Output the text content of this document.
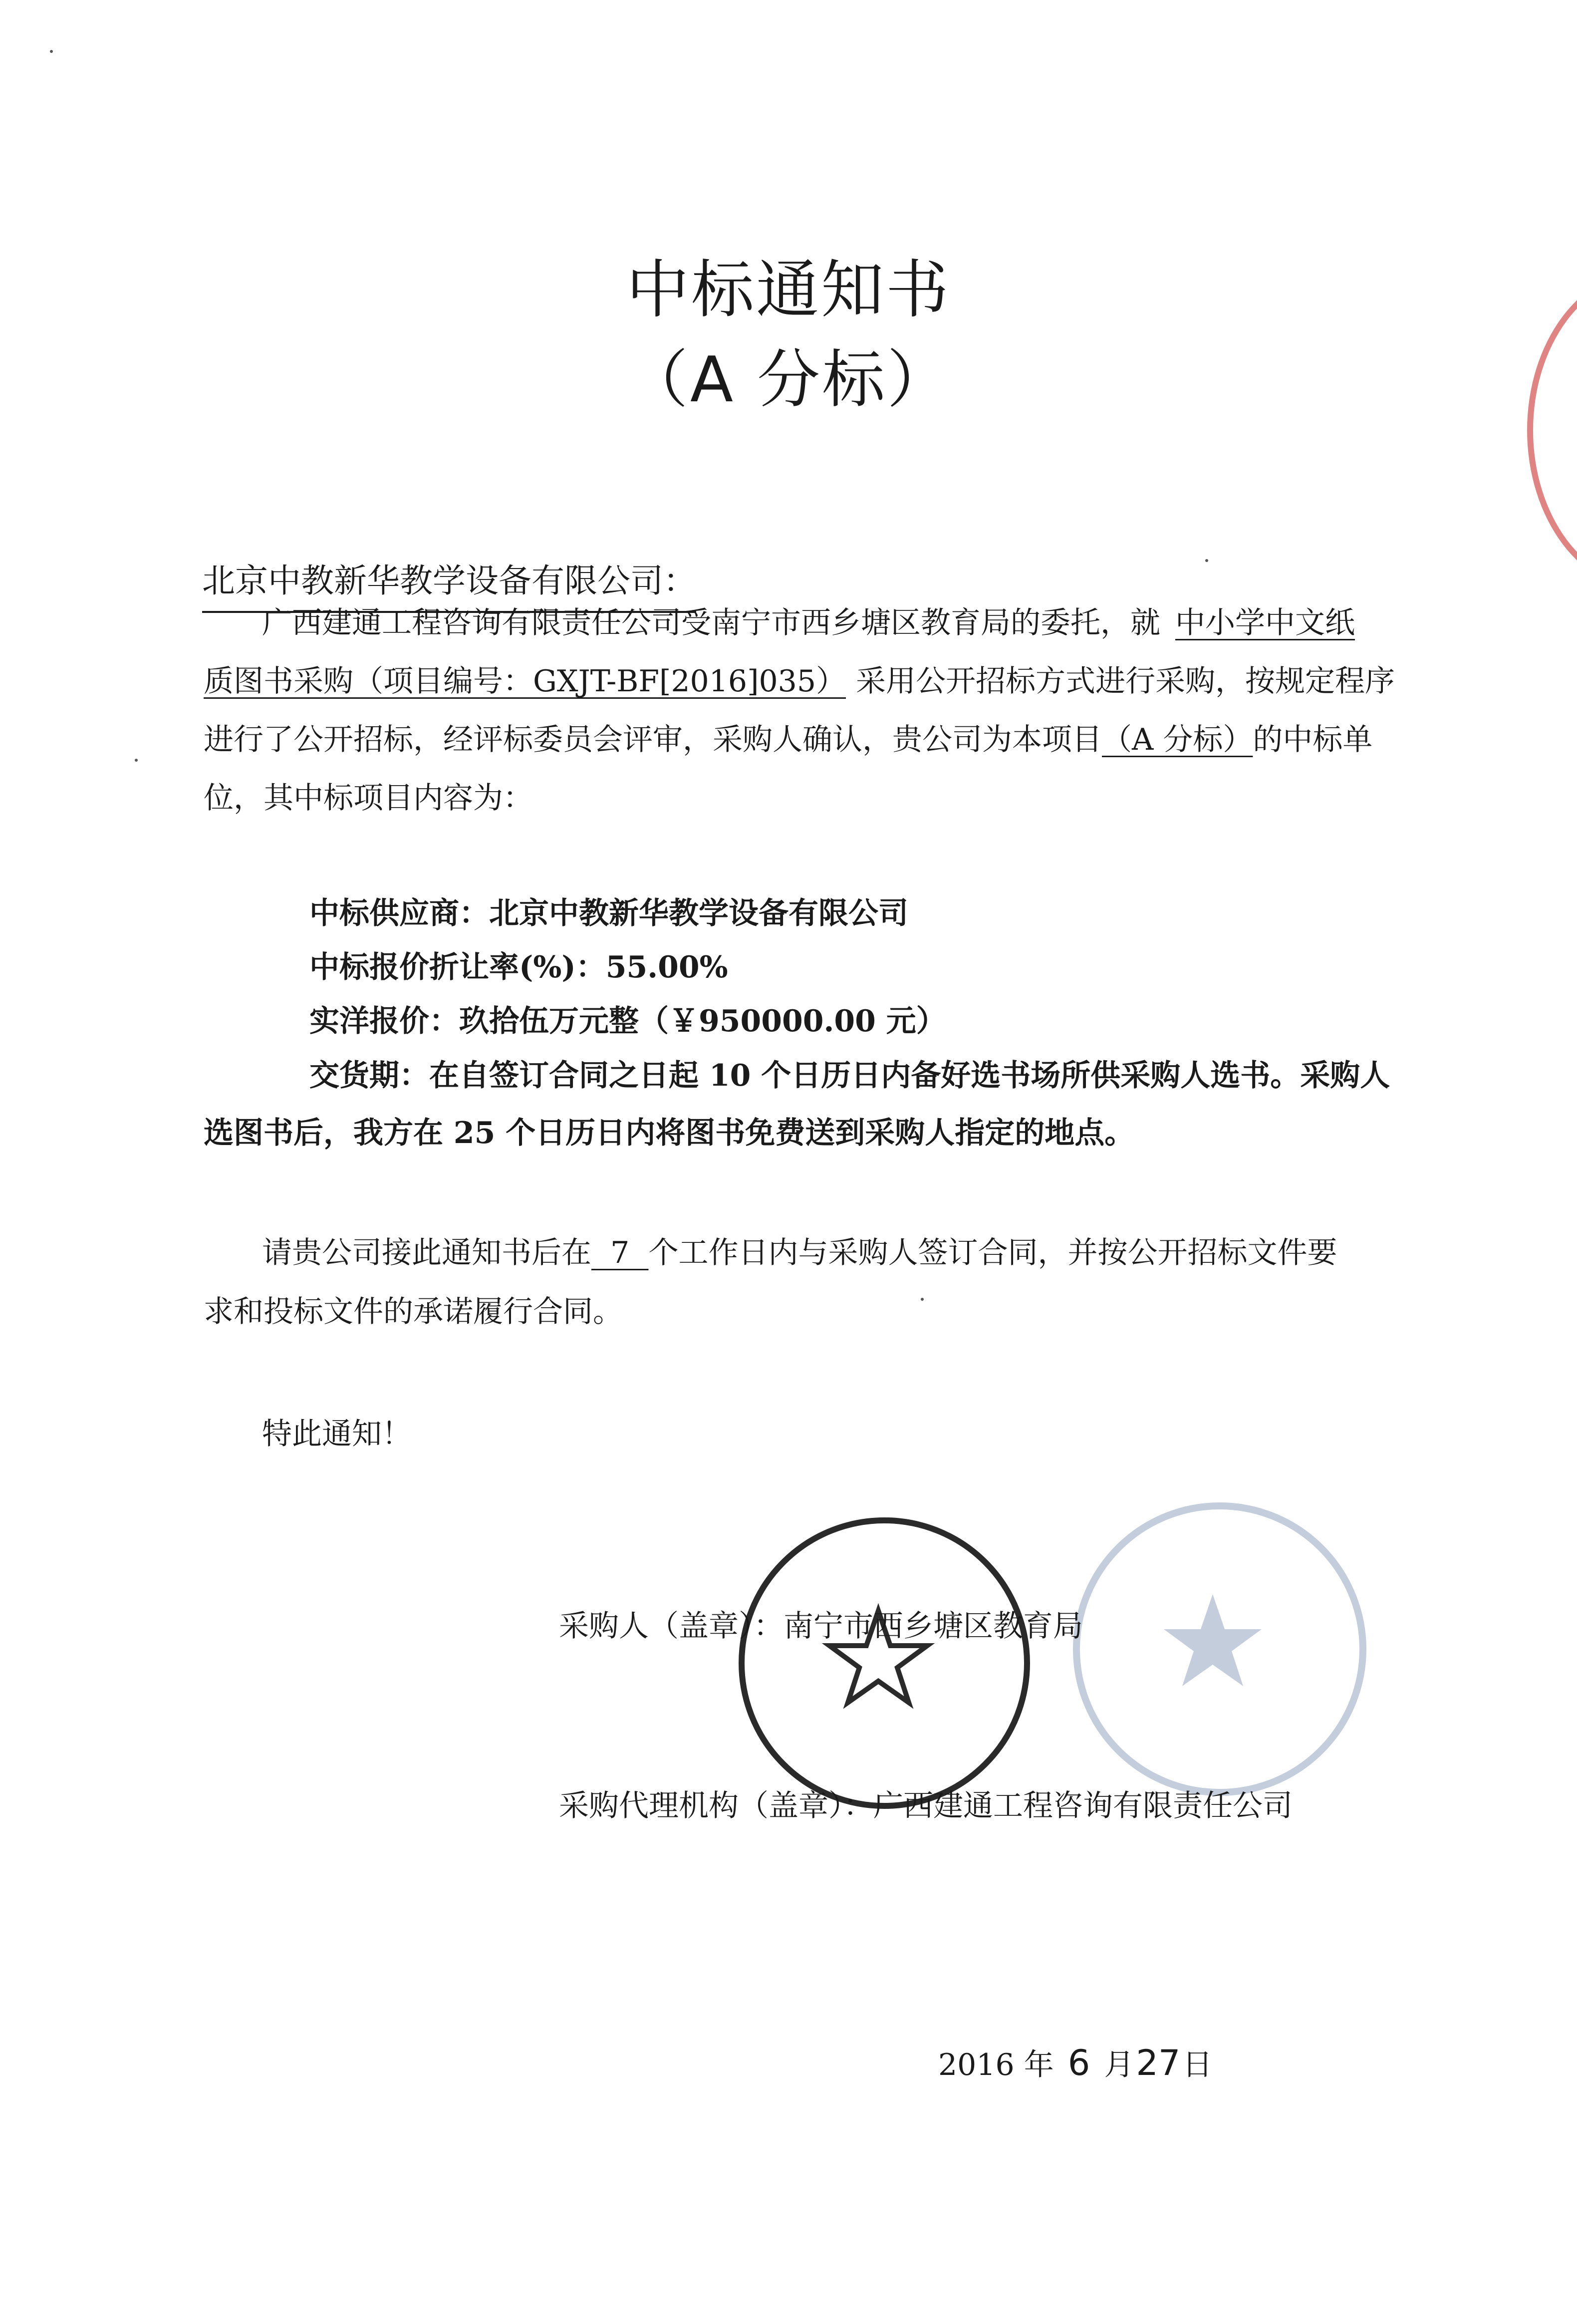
中标通知书
（A 分标）
北京中教新华教学设备有限公司：
广西建通工程咨询有限责任公司受南宁市西乡塘区教育局的委托，就 中小学中文纸
质图书采购（项目编号：GXJT-BF[2016]035） 采用公开招标方式进行采购，按规定程序
进行了公开招标，经评标委员会评审，采购人确认，贵公司为本项目（A 分标）的中标单
位，其中标项目内容为：
中标供应商：北京中教新华教学设备有限公司
中标报价折让率(%)：55.00%
实洋报价：玖拾伍万元整（￥950000.00 元）
交货期：在自签订合同之日起 10 个日历日内备好选书场所供采购人选书。采购人
选图书后，我方在 25 个日历日内将图书免费送到采购人指定的地点。
请贵公司接此通知书后在  7  个工作日内与采购人签订合同，并按公开招标文件要
求和投标文件的承诺履行合同。
特此通知！
采购人（盖章）：南宁市西乡塘区教育局
采购代理机构（盖章）：广西建通工程咨询有限责任公司
2016 年 6 月27日
